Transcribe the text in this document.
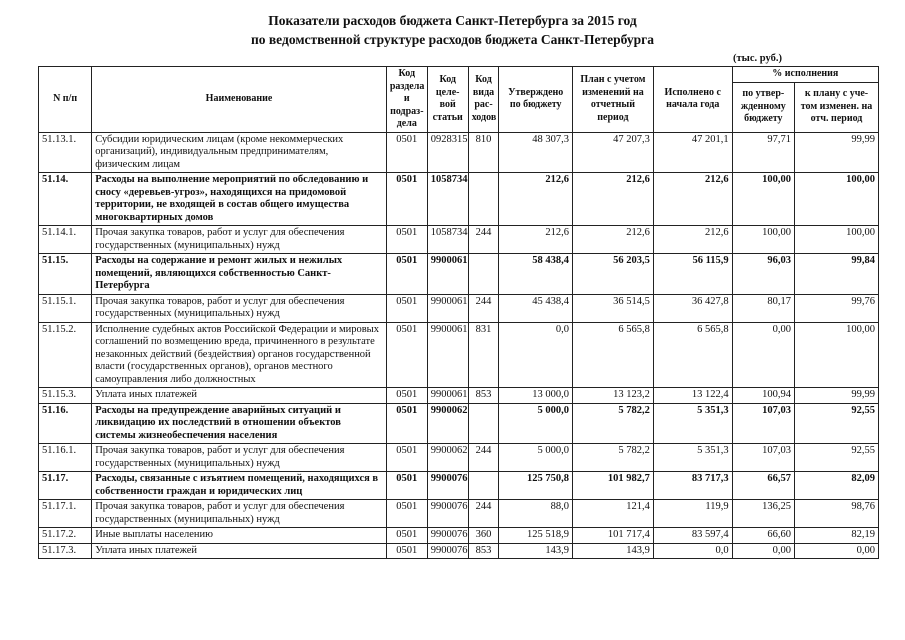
Показатели расходов бюджета Санкт-Петербурга за 2015 год
по ведомственной структуре расходов бюджета Санкт-Петербурга
(тыс. руб.)
N п/п	Наименование	Код раздела и подраз-дела	Код целе-вой статьи	Код вида рас-ходов	Утверждено по бюджету	План с учетом изменений на отчетный период	Исполнено с начала года	% исполнения	
								по утвер-жденному бюджету	к плану с уче-том изменен. на отч. период
51.13.1.	Субсидии юридическим лицам (кроме некоммерческих организаций), индивидуальным предпринимателям, физическим лицам	0501	0928315	810	48 307,3	47 207,3	47 201,1	97,71	99,99
51.14.	Расходы на выполнение мероприятий по обследованию и сносу «деревьев-угроз», находящихся на придомовой территории, не входящей в состав общего имущества многоквартирных домов	0501	1058734		212,6	212,6	212,6	100,00	100,00
51.14.1.	Прочая закупка товаров, работ и услуг для обеспечения государственных (муниципальных) нужд	0501	1058734	244	212,6	212,6	212,6	100,00	100,00
51.15.	Расходы на содержание и ремонт жилых и нежилых помещений, являющихся собственностью Санкт-Петербурга	0501	9900061		58 438,4	56 203,5	56 115,9	96,03	99,84
51.15.1.	Прочая закупка товаров, работ и услуг для обеспечения государственных (муниципальных) нужд	0501	9900061	244	45 438,4	36 514,5	36 427,8	80,17	99,76
51.15.2.	Исполнение судебных актов Российской Федерации и мировых соглашений по возмещению вреда, причиненного в результате незаконных действий (бездействия) органов государственной власти (государственных органов), органов местного самоуправления либо должностных	0501	9900061	831	0,0	6 565,8	6 565,8	0,00	100,00
51.15.3.	Уплата иных платежей	0501	9900061	853	13 000,0	13 123,2	13 122,4	100,94	99,99
51.16.	Расходы на предупреждение аварийных ситуаций и ликвидацию их последствий в отношении объектов системы жизнеобеспечения населения	0501	9900062		5 000,0	5 782,2	5 351,3	107,03	92,55
51.16.1.	Прочая закупка товаров, работ и услуг для обеспечения государственных (муниципальных) нужд	0501	9900062	244	5 000,0	5 782,2	5 351,3	107,03	92,55
51.17.	Расходы, связанные с изъятием помещений, находящихся в собственности граждан и юридических лиц	0501	9900076		125 750,8	101 982,7	83 717,3	66,57	82,09
51.17.1.	Прочая закупка товаров, работ и услуг для обеспечения государственных (муниципальных) нужд	0501	9900076	244	88,0	121,4	119,9	136,25	98,76
51.17.2.	Иные выплаты населению	0501	9900076	360	125 518,9	101 717,4	83 597,4	66,60	82,19
51.17.3.	Уплата иных платежей	0501	9900076	853	143,9	143,9	0,0	0,00	0,00
